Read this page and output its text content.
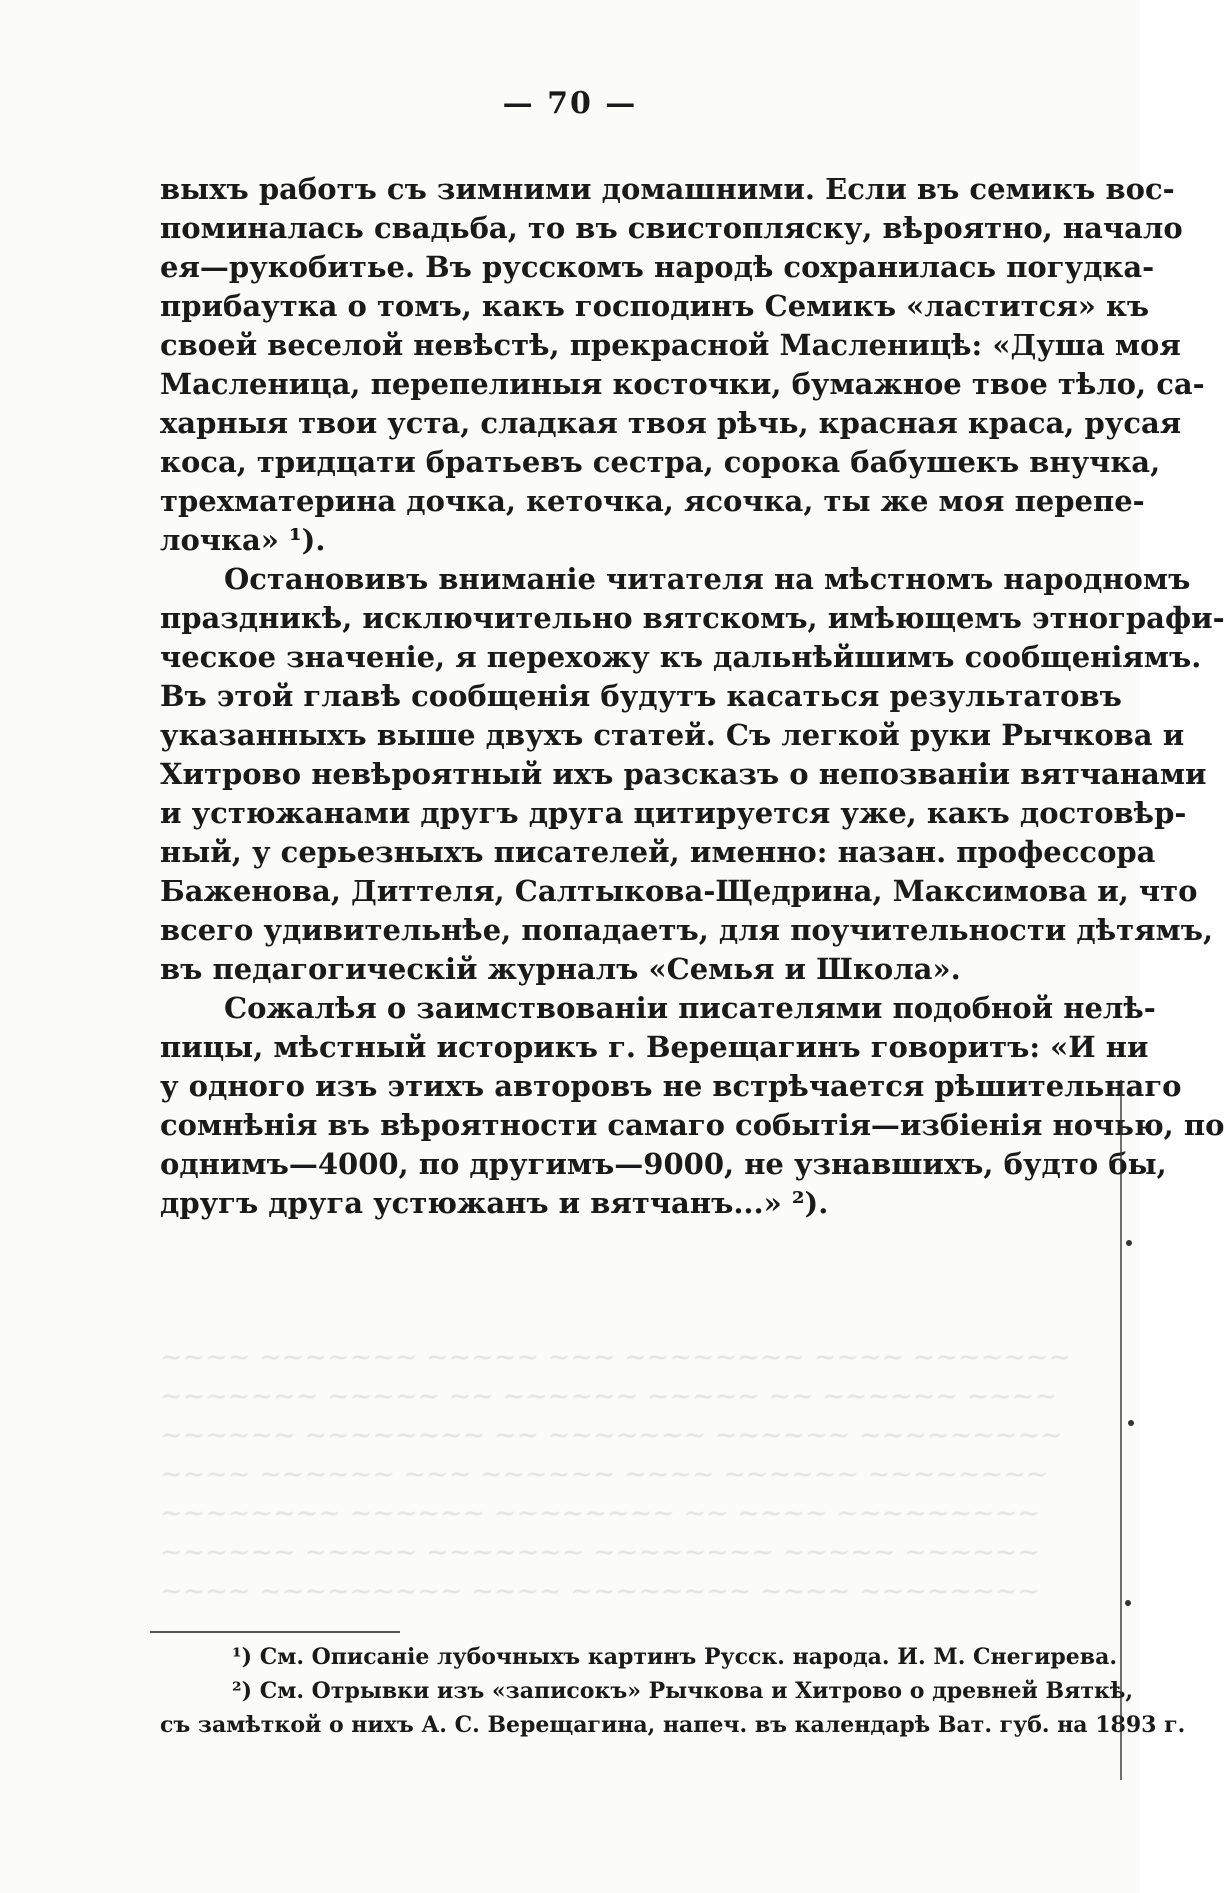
— 70 —
выхъ работъ съ зимними домашними. Если въ семикъ вос-
поминалась свадьба, то въ свистопляску, вѣроятно, начало
ея—рукобитье. Въ русскомъ народѣ сохранилась погудка-
прибаутка о томъ, какъ господинъ Семикъ «ластится» къ
своей веселой невѣстѣ, прекрасной Масленицѣ: «Душа моя
Масленица, перепелиныя косточки, бумажное твое тѣло, са-
харныя твои уста, сладкая твоя рѣчь, красная краса, русая
коса, тридцати братьевъ сестра, сорока бабушекъ внучка,
трехматерина дочка, кеточка, ясочка, ты же моя перепе-
лочка» ¹).
Остановивъ вниманіе читателя на мѣстномъ народномъ
праздникѣ, исключительно вятскомъ, имѣющемъ этнографи-
ческое значеніе, я перехожу къ дальнѣйшимъ сообщеніямъ.
Въ этой главѣ сообщенія будутъ касаться результатовъ
указанныхъ выше двухъ статей. Съ легкой руки Рычкова и
Хитрово невѣроятный ихъ разсказъ о непозваніи вятчанами
и устюжанами другъ друга цитируется уже, какъ достовѣр-
ный, у серьезныхъ писателей, именно: назан. профессора
Баженова, Диттеля, Салтыкова-Щедрина, Максимова и, что
всего удивительнѣе, попадаетъ, для поучительности дѣтямъ,
въ педагогическій журналъ «Семья и Школа».
Сожалѣя о заимствованіи писателями подобной нелѣ-
пицы, мѣстный историкъ г. Верещагинъ говоритъ: «И ни
у одного изъ этихъ авторовъ не встрѣчается рѣшительнаго
сомнѣнія въ вѣроятности самаго событія—избіенія ночью, по
однимъ—4000, по другимъ—9000, не узнавшихъ, будто бы,
другъ друга устюжанъ и вятчанъ...» ²).
~~~~ ~~~~~~~ ~~~~~ ~~~ ~~~~~~~~ ~~~~ ~~~~~~~
~~~~~~~ ~~~~~ ~~ ~~~~~~ ~~~~~ ~~ ~~~~~~ ~~~~
~~~~~~ ~~~~~~~~ ~~ ~~~~~~~ ~~~~~~ ~~~~~~~~~
~~~~ ~~~~~~ ~~~ ~~~~~~ ~~~~ ~~~~~~ ~~~~~~~~
~~~~~~~~ ~~~~~~ ~~~~~~~~ ~~ ~~~~ ~~~~~~~~~
~~~~~~ ~~~~~ ~~~~~~~ ~~~~~~~~ ~~~~~ ~~~~~~
~~~~ ~~~~~~~~~ ~~~~ ~~~~~~~~ ~~~~ ~~~~~~~~
¹) См. Описаніе лубочныхъ картинъ Русск. народа. И. М. Снегирева.
²) См. Отрывки изъ «записокъ» Рычкова и Хитрово о древней Вяткѣ,
съ замѣткой о нихъ А. С. Верещагина, напеч. въ календарѣ Ват. губ. на 1893 г.
